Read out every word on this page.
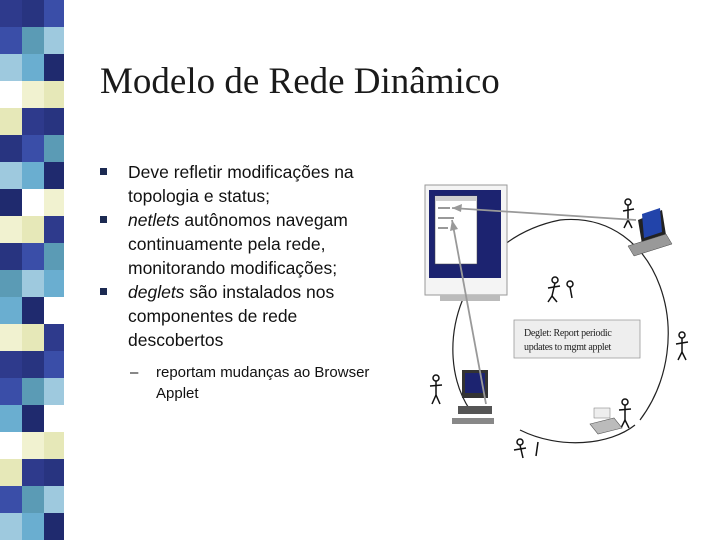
Modelo de Rede Dinâmico
Deve refletir modificações na topologia e status;
netlets autônomos navegam continuamente pela rede, monitorando modificações;
deglets são instalados nos componentes de rede descobertos
– reportam mudanças ao Browser Applet
Deglet: Report periodic
updates to mgmt applet
